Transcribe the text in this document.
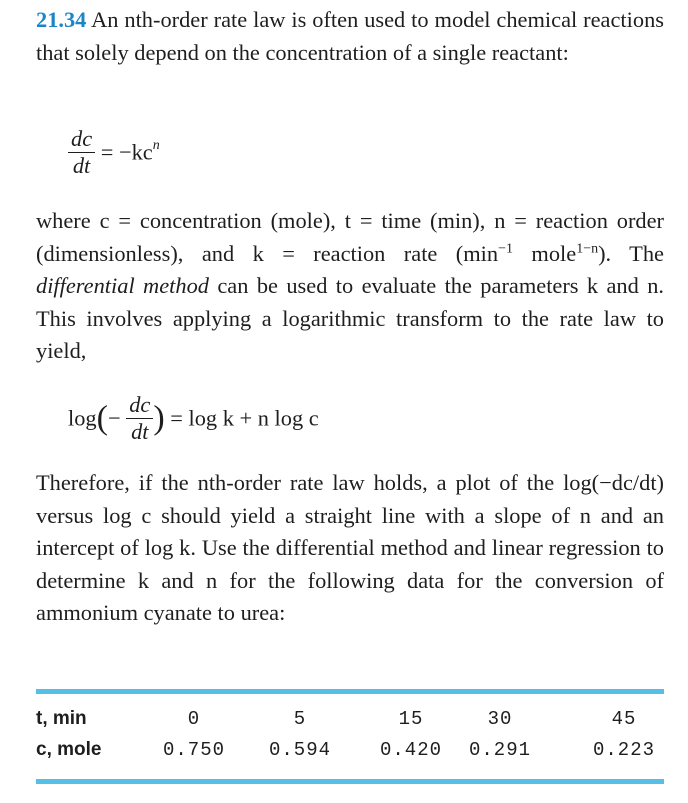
21.34 An nth-order rate law is often used to model chemical reactions that solely depend on the concentration of a single reactant:
$\frac{dc}{dt} = -kc^n$
where c = concentration (mole), t = time (min), n = reaction order (dimensionless), and k = reaction rate ($\min^{-1}$ mole$^{1-n}$). The differential method can be used to evaluate the parameters k and n. This involves applying a logarithmic transform to the rate law to yield,
$\log(- \frac{dc}{dt}$ ) = log k + n log c
Therefore, if the nth-order rate law holds, a plot of the log(−dc/dt) versus log c should yield a straight line with a slope of n and an intercept of log k. Use the differential method and linear regression to determine k and n for the following data for the conversion of ammonium cyanate to urea:
t, min	0	5	15	30	45
c, mole	0.750	0.594	0.420	0.291	0.223
